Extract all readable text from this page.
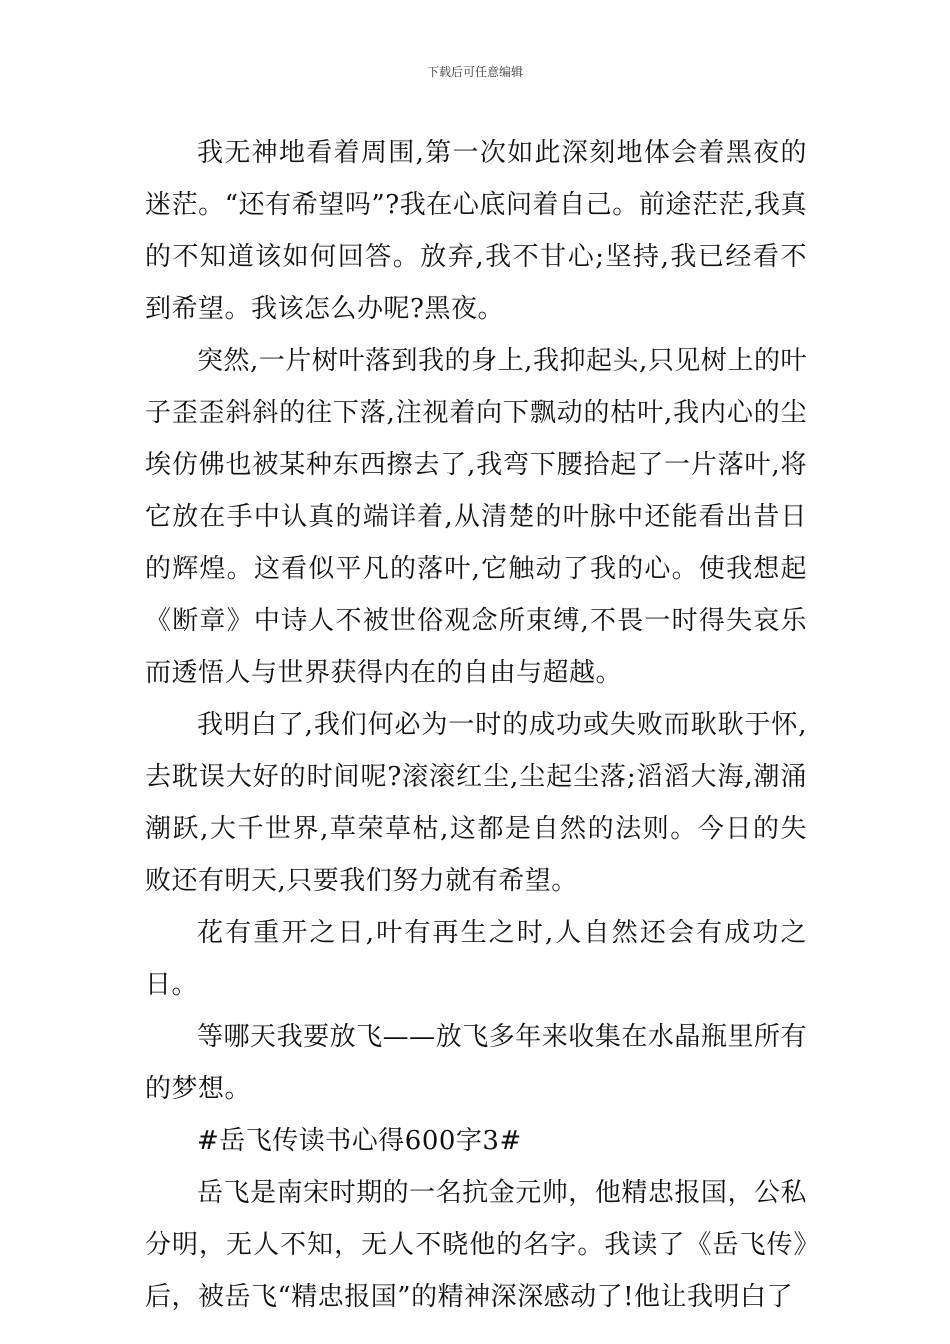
下载后可任意编辑

我无神地看着周围,第一次如此深刻地体会着黑夜的迷茫。“还有希望吗”?我在心底问着自己。前途茫茫,我真的不知道该如何回答。放弃,我不甘心;坚持,我已经看不到希望。我该怎么办呢?黑夜。

突然,一片树叶落到我的身上,我抑起头,只见树上的叶子歪歪斜斜的往下落,注视着向下飘动的枯叶,我内心的尘埃仿佛也被某种东西擦去了,我弯下腰拾起了一片落叶,将它放在手中认真的端详着,从清楚的叶脉中还能看出昔日的辉煌。这看似平凡的落叶,它触动了我的心。使我想起《断章》中诗人不被世俗观念所束缚,不畏一时得失哀乐而透悟人与世界获得内在的自由与超越。

我明白了,我们何必为一时的成功或失败而耿耿于怀,去耽误大好的时间呢?滚滚红尘,尘起尘落;滔滔大海,潮涌潮跃,大千世界,草荣草枯,这都是自然的法则。今日的失败还有明天,只要我们努力就有希望。

花有重开之日,叶有再生之时,人自然还会有成功之日。

等哪天我要放飞——放飞多年来收集在水晶瓶里所有的梦想。

#岳飞传读书心得600字3#

岳飞是南宋时期的一名抗金元帅，他精忠报国，公私分明，无人不知，无人不晓他的名字。我读了《岳飞传》后，被岳飞“精忠报国”的精神深深感动了!他让我明白了
